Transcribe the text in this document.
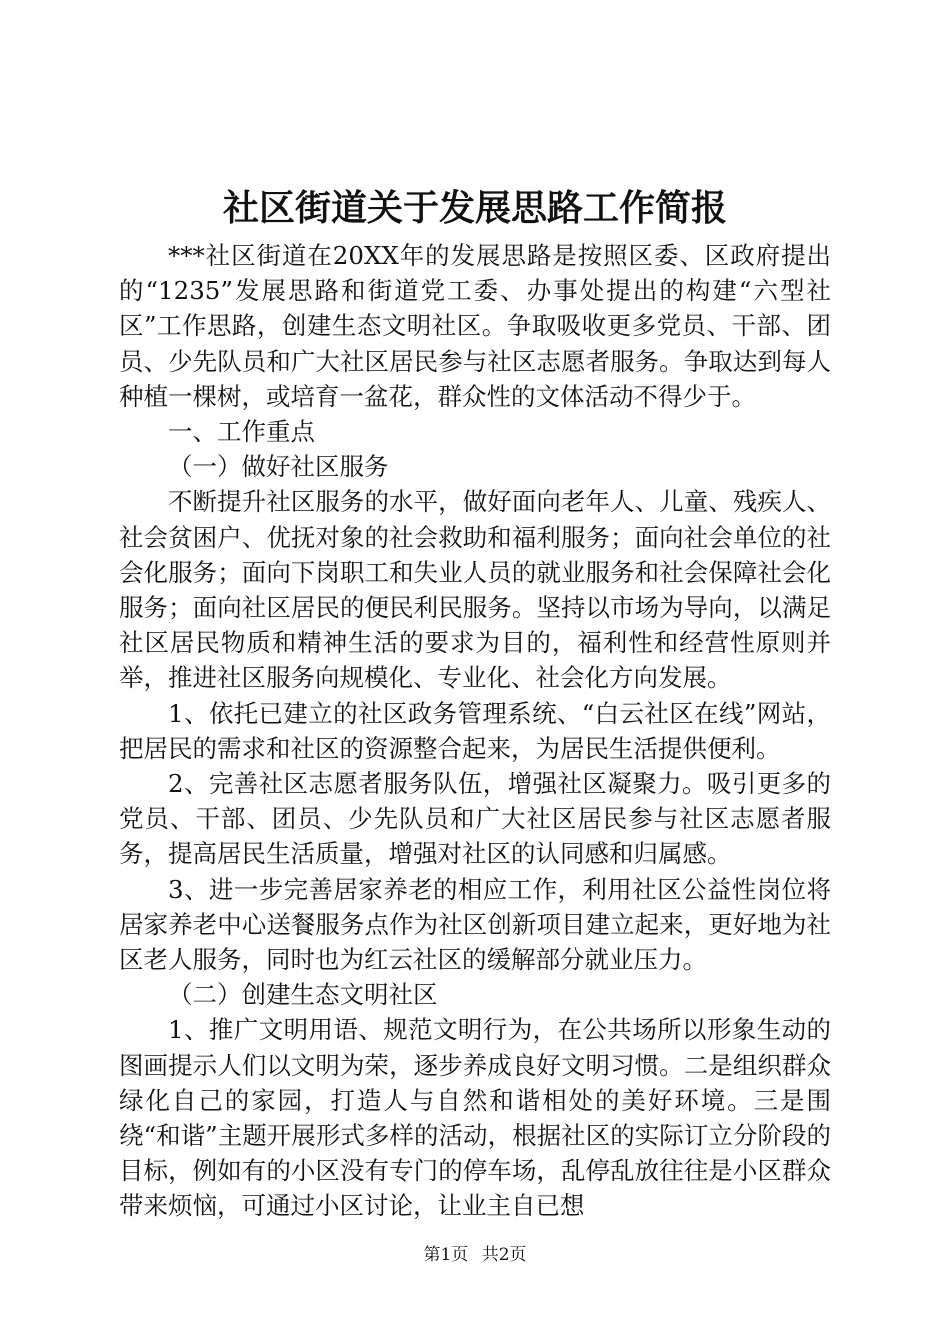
社区街道关于发展思路工作简报

***社区街道在20XX年的发展思路是按照区委、区政府提出的“1235”发展思路和街道党工委、办事处提出的构建“六型社区”工作思路，创建生态文明社区。争取吸收更多党员、干部、团员、少先队员和广大社区居民参与社区志愿者服务。争取达到每人种植一棵树，或培育一盆花，群众性的文体活动不得少于。

一、工作重点

（一）做好社区服务

不断提升社区服务的水平，做好面向老年人、儿童、残疾人、社会贫困户、优抚对象的社会救助和福利服务；面向社会单位的社会化服务；面向下岗职工和失业人员的就业服务和社会保障社会化服务；面向社区居民的便民利民服务。坚持以市场为导向，以满足社区居民物质和精神生活的要求为目的，福利性和经营性原则并举，推进社区服务向规模化、专业化、社会化方向发展。

1、依托已建立的社区政务管理系统、“白云社区在线”网站，把居民的需求和社区的资源整合起来，为居民生活提供便利。

2、完善社区志愿者服务队伍，增强社区凝聚力。吸引更多的党员、干部、团员、少先队员和广大社区居民参与社区志愿者服务，提高居民生活质量，增强对社区的认同感和归属感。

3、进一步完善居家养老的相应工作，利用社区公益性岗位将居家养老中心送餐服务点作为社区创新项目建立起来，更好地为社区老人服务，同时也为红云社区的缓解部分就业压力。

（二）创建生态文明社区

1、推广文明用语、规范文明行为，在公共场所以形象生动的图画提示人们以文明为荣，逐步养成良好文明习惯。二是组织群众绿化自己的家园，打造人与自然和谐相处的美好环境。三是围绕“和谐”主题开展形式多样的活动，根据社区的实际订立分阶段的目标，例如有的小区没有专门的停车场，乱停乱放往往是小区群众带来烦恼，可通过小区讨论，让业主自已想

第1页 共2页
